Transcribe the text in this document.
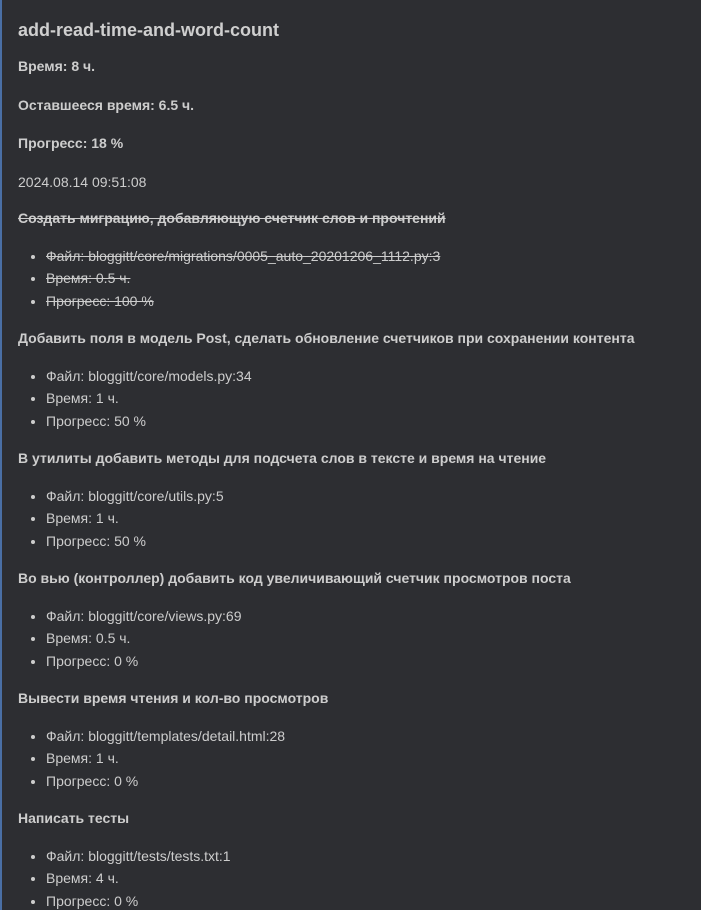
add-read-time-and-word-count

Время: 8 ч.

Оставшееся время: 6.5 ч.

Прогресс: 18 %

2024.08.14 09:51:08

Создать миграцию, добавляющую счетчик слов и прочтений

• Файл: bloggitt/core/migrations/0005_auto_20201206_1112.py:3
• Время: 0.5 ч.
• Прогресс: 100 %

Добавить поля в модель Post, сделать обновление счетчиков при сохранении контента

• Файл: bloggitt/core/models.py:34
• Время: 1 ч.
• Прогресс: 50 %

В утилиты добавить методы для подсчета слов в тексте и время на чтение

• Файл: bloggitt/core/utils.py:5
• Время: 1 ч.
• Прогресс: 50 %

Во вью (контроллер) добавить код увеличивающий счетчик просмотров поста

• Файл: bloggitt/core/views.py:69
• Время: 0.5 ч.
• Прогресс: 0 %

Вывести время чтения и кол-во просмотров

• Файл: bloggitt/templates/detail.html:28
• Время: 1 ч.
• Прогресс: 0 %

Написать тесты

• Файл: bloggitt/tests/tests.txt:1
• Время: 4 ч.
• Прогресс: 0 %
